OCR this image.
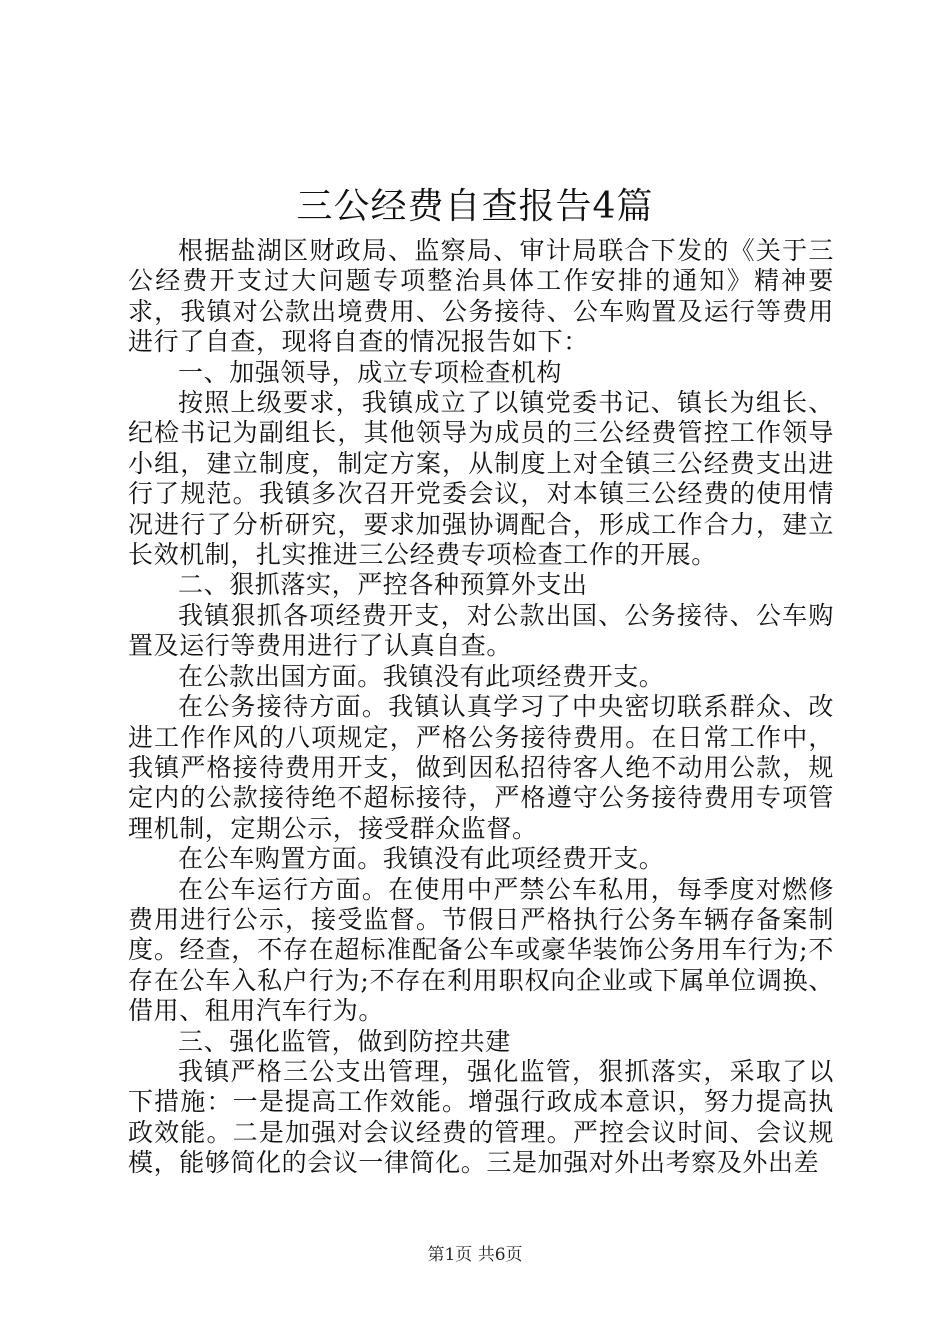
三公经费自查报告4篇

根据盐湖区财政局、监察局、审计局联合下发的《关于三公经费开支过大问题专项整治具体工作安排的通知》精神要求，我镇对公款出境费用、公务接待、公车购置及运行等费用进行了自查，现将自查的情况报告如下：

一、加强领导，成立专项检查机构

按照上级要求，我镇成立了以镇党委书记、镇长为组长、纪检书记为副组长，其他领导为成员的三公经费管控工作领导小组，建立制度，制定方案，从制度上对全镇三公经费支出进行了规范。我镇多次召开党委会议，对本镇三公经费的使用情况进行了分析研究，要求加强协调配合，形成工作合力，建立长效机制，扎实推进三公经费专项检查工作的开展。

二、狠抓落实，严控各种预算外支出

我镇狠抓各项经费开支，对公款出国、公务接待、公车购置及运行等费用进行了认真自查。

在公款出国方面。我镇没有此项经费开支。

在公务接待方面。我镇认真学习了中央密切联系群众、改进工作作风的八项规定，严格公务接待费用。在日常工作中，我镇严格接待费用开支，做到因私招待客人绝不动用公款，规定内的公款接待绝不超标接待，严格遵守公务接待费用专项管理机制，定期公示，接受群众监督。

在公车购置方面。我镇没有此项经费开支。

在公车运行方面。在使用中严禁公车私用，每季度对燃修费用进行公示，接受监督。节假日严格执行公务车辆存备案制度。经查，不存在超标准配备公车或豪华装饰公务用车行为;不存在公车入私户行为;不存在利用职权向企业或下属单位调换、借用、租用汽车行为。

三、强化监管，做到防控共建

我镇严格三公支出管理，强化监管，狠抓落实，采取了以下措施：一是提高工作效能。增强行政成本意识，努力提高执政效能。二是加强对会议经费的管理。严控会议时间、会议规模，能够简化的会议一律简化。三是加强对外出考察及外出差

第1页 共6页
